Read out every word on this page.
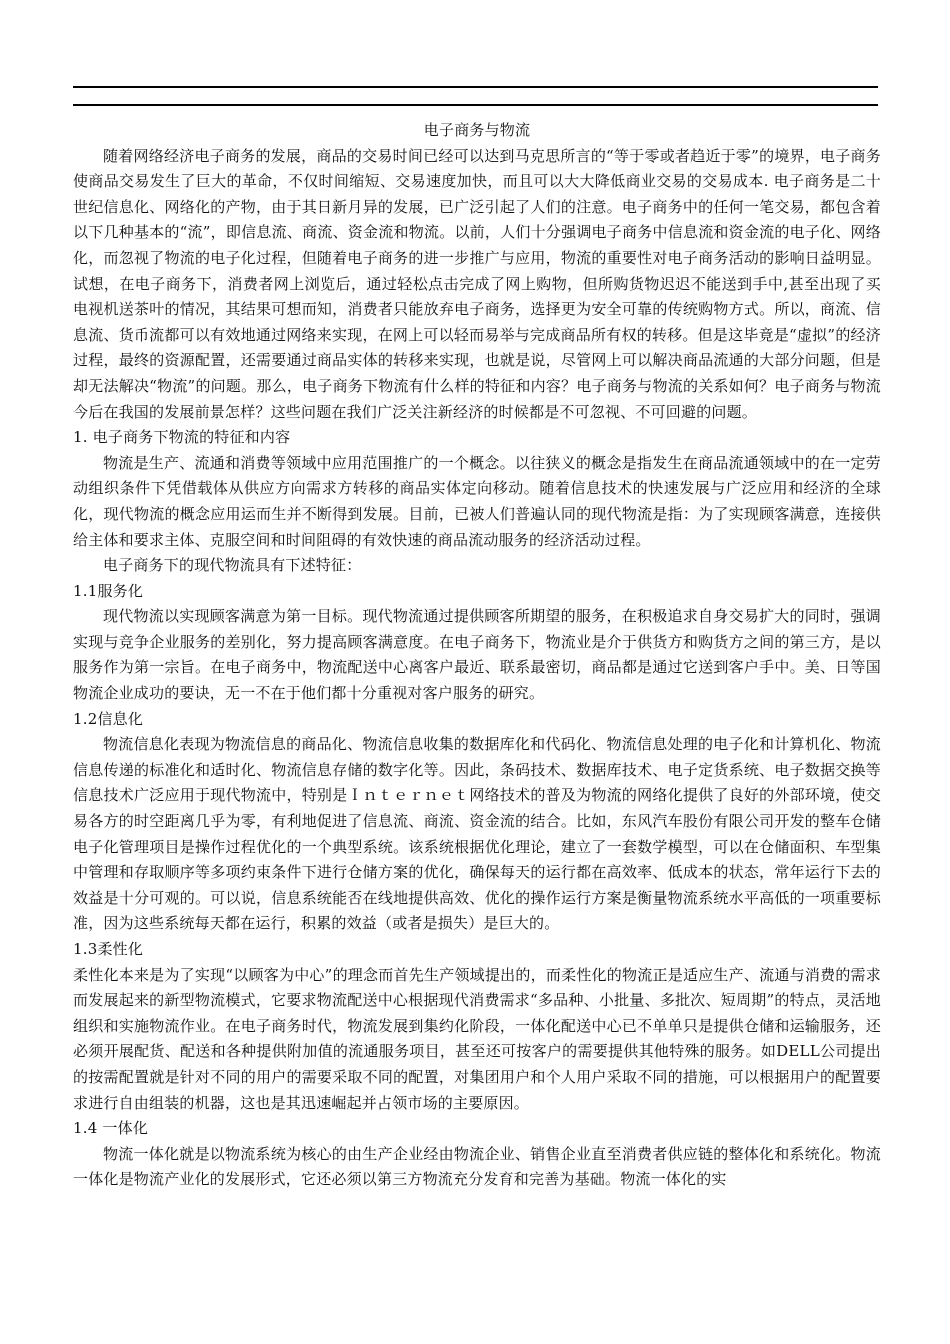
电子商务与物流

随着网络经济电子商务的发展，商品的交易时间已经可以达到马克思所言的“等于零或者趋近于零”的境界，电子商务使商品交易发生了巨大的革命，不仅时间缩短、交易速度加快，而且可以大大降低商业交易的交易成本. 电子商务是二十世纪信息化、网络化的产物，由于其日新月异的发展，已广泛引起了人们的注意。电子商务中的任何一笔交易，都包含着以下几种基本的“流”，即信息流、商流、资金流和物流。以前，人们十分强调电子商务中信息流和资金流的电子化、网络化，而忽视了物流的电子化过程，但随着电子商务的进一步推广与应用，物流的重要性对电子商务活动的影响日益明显。试想，在电子商务下，消费者网上浏览后，通过轻松点击完成了网上购物，但所购货物迟迟不能送到手中,甚至出现了买电视机送茶叶的情况，其结果可想而知，消费者只能放弃电子商务，选择更为安全可靠的传统购物方式。所以，商流、信息流、货币流都可以有效地通过网络来实现，在网上可以轻而易举与完成商品所有权的转移。但是这毕竟是“虚拟”的经济过程，最终的资源配置，还需要通过商品实体的转移来实现，也就是说，尽管网上可以解决商品流通的大部分问题，但是却无法解决“物流”的问题。那么，电子商务下物流有什么样的特征和内容？电子商务与物流的关系如何？电子商务与物流今后在我国的发展前景怎样？这些问题在我们广泛关注新经济的时候都是不可忽视、不可回避的问题。

1. 电子商务下物流的特征和内容

物流是生产、流通和消费等领域中应用范围推广的一个概念。以往狭义的概念是指发生在商品流通领域中的在一定劳动组织条件下凭借载体从供应方向需求方转移的商品实体定向移动。随着信息技术的快速发展与广泛应用和经济的全球化，现代物流的概念应用运而生并不断得到发展。目前，已被人们普遍认同的现代物流是指：为了实现顾客满意，连接供给主体和要求主体、克服空间和时间阻碍的有效快速的商品流动服务的经济活动过程。

电子商务下的现代物流具有下述特征：

1.1服务化

现代物流以实现顾客满意为第一目标。现代物流通过提供顾客所期望的服务，在积极追求自身交易扩大的同时，强调实现与竞争企业服务的差别化，努力提高顾客满意度。在电子商务下，物流业是介于供货方和购货方之间的第三方，是以服务作为第一宗旨。在电子商务中，物流配送中心离客户最近、联系最密切，商品都是通过它送到客户手中。美、日等国物流企业成功的要诀，无一不在于他们都十分重视对客户服务的研究。

1.2信息化

物流信息化表现为物流信息的商品化、物流信息收集的数据库化和代码化、物流信息处理的电子化和计算机化、物流信息传递的标准化和适时化、物流信息存储的数字化等。因此，条码技术、数据库技术、电子定货系统、电子数据交换等信息技术广泛应用于现代物流中，特别是Ｉｎｔｅｒｎｅｔ网络技术的普及为物流的网络化提供了良好的外部环境，使交易各方的时空距离几乎为零，有利地促进了信息流、商流、资金流的结合。比如，东风汽车股份有限公司开发的整车仓储电子化管理项目是操作过程优化的一个典型系统。该系统根据优化理论，建立了一套数学模型，可以在仓储面积、车型集中管理和存取顺序等多项约束条件下进行仓储方案的优化，确保每天的运行都在高效率、低成本的状态，常年运行下去的效益是十分可观的。可以说，信息系统能否在线地提供高效、优化的操作运行方案是衡量物流系统水平高低的一项重要标准，因为这些系统每天都在运行，积累的效益（或者是损失）是巨大的。

1.3柔性化

柔性化本来是为了实现“以顾客为中心”的理念而首先生产领域提出的，而柔性化的物流正是适应生产、流通与消费的需求而发展起来的新型物流模式，它要求物流配送中心根据现代消费需求“多品种、小批量、多批次、短周期”的特点，灵活地组织和实施物流作业。在电子商务时代，物流发展到集约化阶段，一体化配送中心已不单单只是提供仓储和运输服务，还必须开展配货、配送和各种提供附加值的流通服务项目，甚至还可按客户的需要提供其他特殊的服务。如DELL公司提出的按需配置就是针对不同的用户的需要采取不同的配置，对集团用户和个人用户采取不同的措施，可以根据用户的配置要求进行自由组装的机器，这也是其迅速崛起并占领市场的主要原因。

1.4 一体化

物流一体化就是以物流系统为核心的由生产企业经由物流企业、销售企业直至消费者供应链的整体化和系统化。物流一体化是物流产业化的发展形式，它还必须以第三方物流充分发育和完善为基础。物流一体化的实
